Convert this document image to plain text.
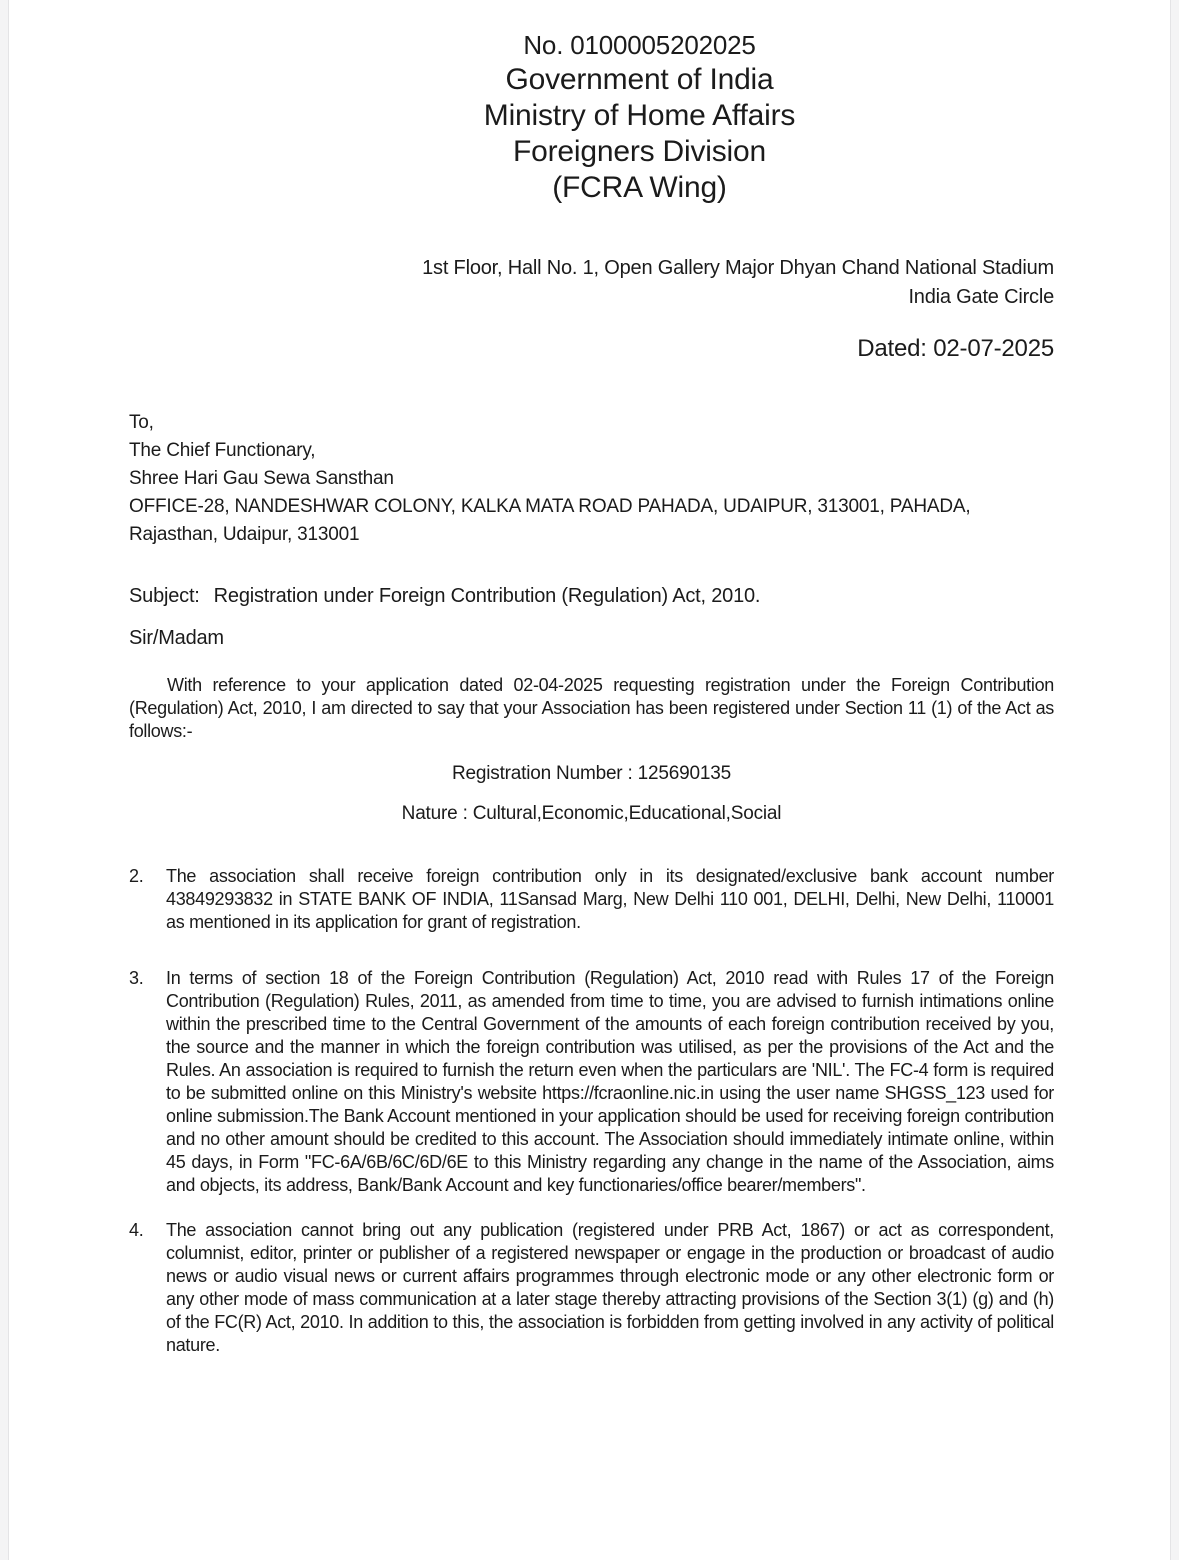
No. 0100005202025
Government of India
Ministry of Home Affairs
Foreigners Division
(FCRA Wing)
1st Floor, Hall No. 1, Open Gallery Major Dhyan Chand National Stadium
India Gate Circle
Dated: 02-07-2025
To,
The Chief Functionary,
Shree Hari Gau Sewa Sansthan
OFFICE-28, NANDESHWAR COLONY, KALKA MATA ROAD PAHADA, UDAIPUR, 313001, PAHADA,
Rajasthan, Udaipur, 313001
Subject: Registration under Foreign Contribution (Regulation) Act, 2010.
Sir/Madam
With reference to your application dated 02-04-2025 requesting registration under the Foreign Contribution (Regulation) Act, 2010, I am directed to say that your Association has been registered under Section 11 (1) of the Act as follows:-
Registration Number : 125690135
Nature : Cultural,Economic,Educational,Social
2.	The association shall receive foreign contribution only in its designated/exclusive bank account number 43849293832 in STATE BANK OF INDIA, 11Sansad Marg, New Delhi 110 001, DELHI, Delhi, New Delhi, 110001 as mentioned in its application for grant of registration.
3.	In terms of section 18 of the Foreign Contribution (Regulation) Act, 2010 read with Rules 17 of the Foreign Contribution (Regulation) Rules, 2011, as amended from time to time, you are advised to furnish intimations online within the prescribed time to the Central Government of the amounts of each foreign contribution received by you, the source and the manner in which the foreign contribution was utilised, as per the provisions of the Act and the Rules. An association is required to furnish the return even when the particulars are 'NIL'. The FC-4 form is required to be submitted online on this Ministry's website https://fcraonline.nic.in using the user name SHGSS_123 used for online submission.The Bank Account mentioned in your application should be used for receiving foreign contribution and no other amount should be credited to this account. The Association should immediately intimate online, within 45 days, in Form "FC-6A/6B/6C/6D/6E to this Ministry regarding any change in the name of the Association, aims and objects, its address, Bank/Bank Account and key functionaries/office bearer/members".
4.	The association cannot bring out any publication (registered under PRB Act, 1867) or act as correspondent, columnist, editor, printer or publisher of a registered newspaper or engage in the production or broadcast of audio news or audio visual news or current affairs programmes through electronic mode or any other electronic form or any other mode of mass communication at a later stage thereby attracting provisions of the Section 3(1) (g) and (h) of the FC(R) Act, 2010. In addition to this, the association is forbidden from getting involved in any activity of political nature.
